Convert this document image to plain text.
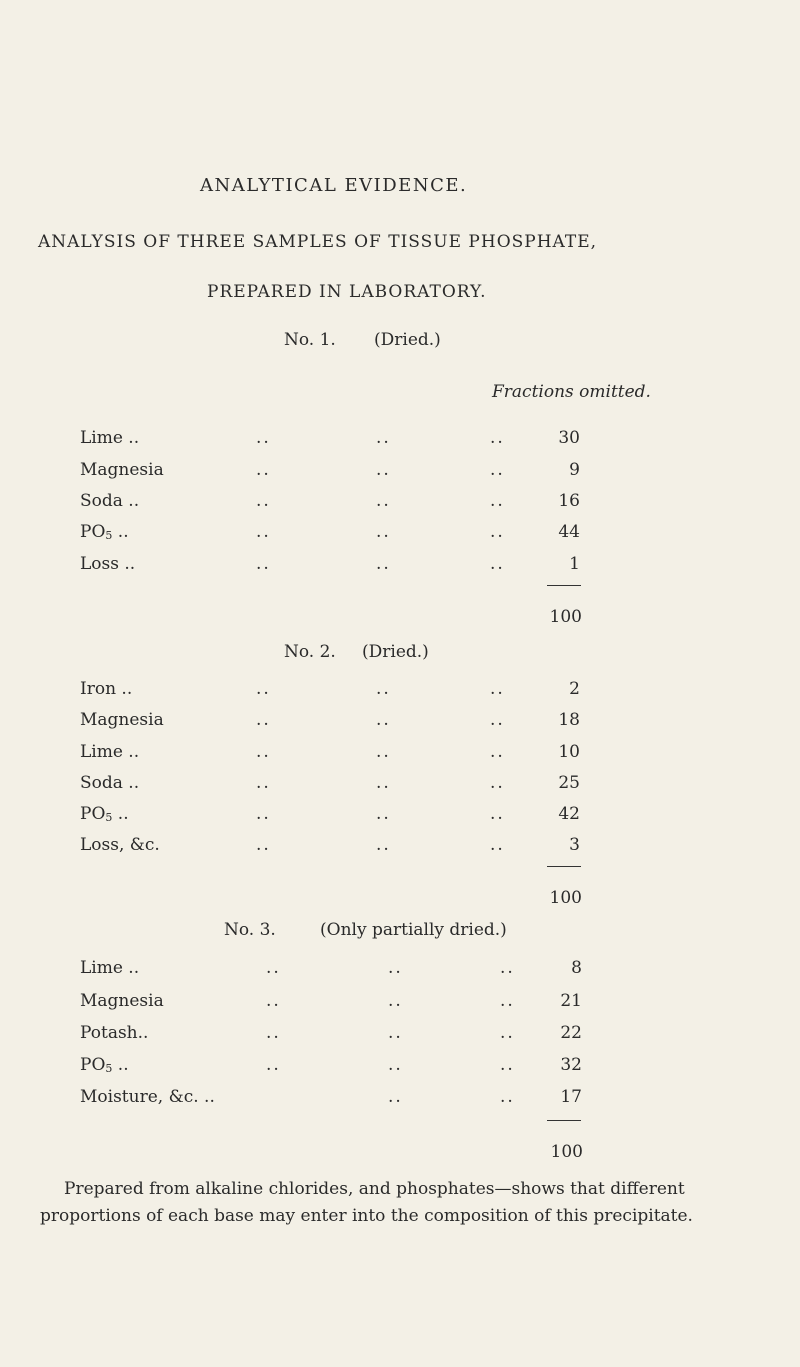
ANALYTICAL EVIDENCE.
ANALYSIS OF THREE SAMPLES OF TISSUE PHOSPHATE,
PREPARED IN LABORATORY.
No. 1. (Dried.)
Fractions omitted.
Lime ..	..	..	..	30
Magnesia	..	..	..	9
Soda ..	..	..	..	16
$PO_5$ ..	..	..	..	44
Loss ..	..	..	..	1
100
No. 2. (Dried.)
Iron ..	..	..	..	2
Magnesia	..	..	..	18
Lime ..	..	..	..	10
Soda ..	..	..	..	25
$PO_5$ ..	..	..	..	42
Loss, &c.	..	..	..	3
100
No. 3.	(Only partially dried.)
Lime ..	..	..	..	8
Magnesia	..	..	..	21
Potash..	..	..	..	22
$PO_5$ ..	..	..	..	32
Moisture, &c. ..	..	..	17
100
Prepared from alkaline chlorides, and phosphates—shows that different proportions of each base may enter into the composition of this precipitate.
